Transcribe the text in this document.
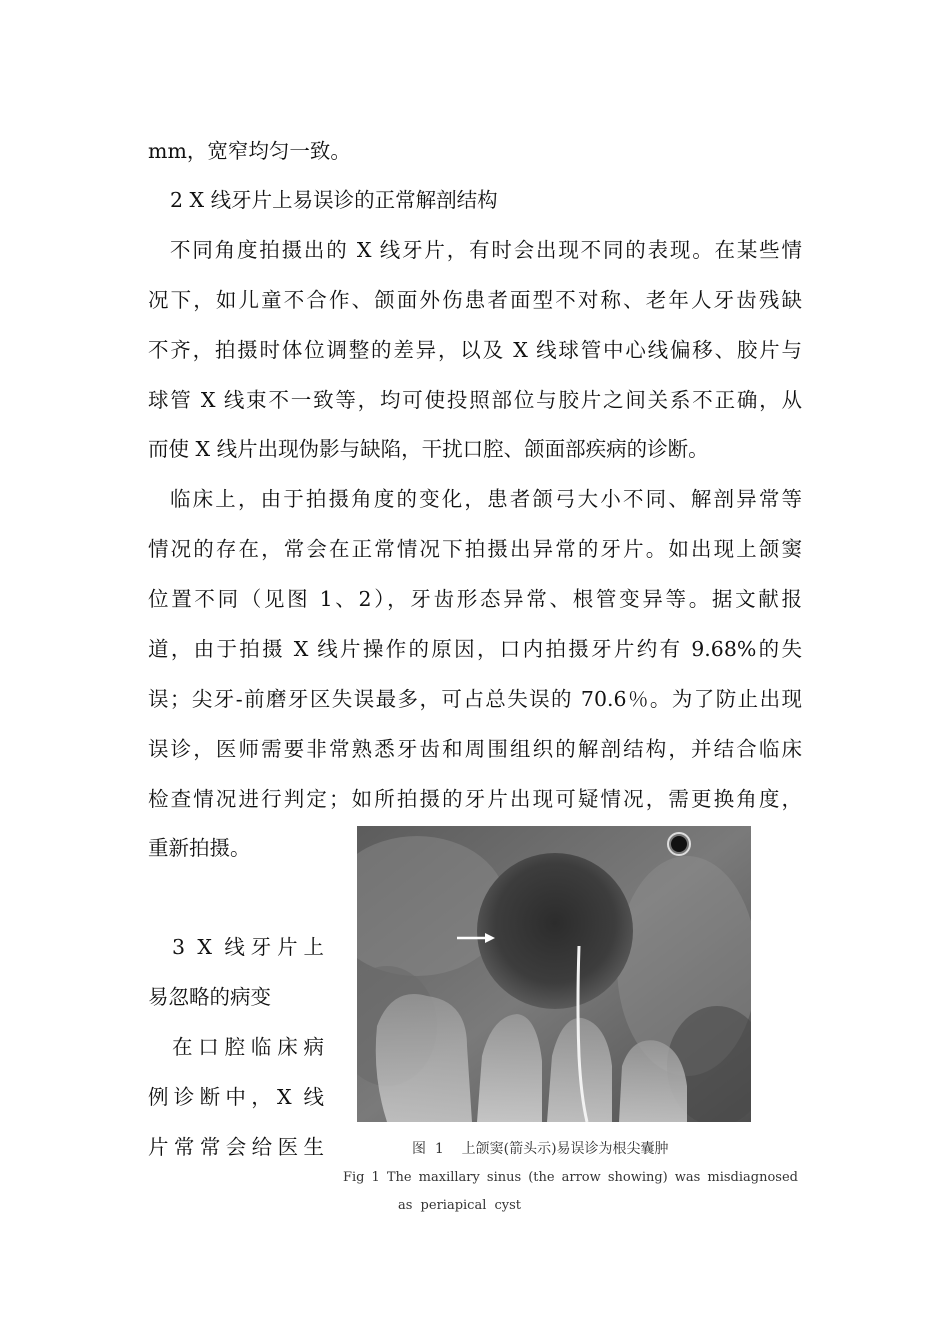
mm，宽窄均匀一致。
2 X 线牙片上易误诊的正常解剖结构
不同角度拍摄出的 X 线牙片，有时会出现不同的表现。在某些情
况下，如儿童不合作、颌面外伤患者面型不对称、老年人牙齿残缺
不齐，拍摄时体位调整的差异，以及 X 线球管中心线偏移、胶片与
球管 X 线束不一致等，均可使投照部位与胶片之间关系不正确，从
而使 X 线片出现伪影与缺陷，干扰口腔、颌面部疾病的诊断。
临床上，由于拍摄角度的变化，患者颌弓大小不同、解剖异常等
情况的存在，常会在正常情况下拍摄出异常的牙片。如出现上颌窦
位置不同（见图 1、2），牙齿形态异常、根管变异等。据文献报
道，由于拍摄 X 线片操作的原因，口内拍摄牙片约有 9.68%的失
误；尖牙-前磨牙区失误最多，可占总失误的 70.6％。为了防止出现
误诊，医师需要非常熟悉牙齿和周围组织的解剖结构，并结合临床
检查情况进行判定；如所拍摄的牙片出现可疑情况，需更换角度，
重新拍摄。
3 X 线牙片上
易忽略的病变
在口腔临床病
例诊断中，X 线
片常常会给医生	图  1    上颌窦(箭头示)易误诊为根尖囊肿
Fig 1 The maxillary sinus (the arrow showing) was misdiagnosed
as periapical cyst
